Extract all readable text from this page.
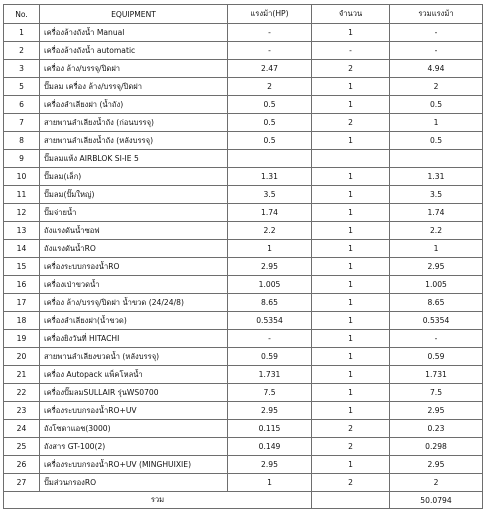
No.	EQUIPMENT	แรงม้า(HP)	จำนวน	รวมแรงม้า
1	เครื่องล้างถังน้ำ Manual	-	1	-
2	เครื่องล้างถังน้ำ automatic	-	-	-
3	เครื่อง ล้าง/บรรจุ/ปิดฝา	2.47	2	4.94
5	ปั๊มลม เครื่อง ล้าง/บรรจุ/ปิดฝา	2	1	2
6	เครื่องลำเลียงฝา (น้ำถัง)	0.5	1	0.5
7	สายพานลำเลียงน้ำถัง (ก่อนบรรจุ)	0.5	2	1
8	สายพานลำเลียงน้ำถัง (หลังบรรจุ)	0.5	1	0.5
9	ปั๊มลมแห้ง AIRBLOK SI-IE 5			
10	ปั๊มลม(เล็ก)	1.31	1	1.31
11	ปั๊มลม(ปั๊มใหญ่)	3.5	1	3.5
12	ปั๊มจ่ายน้ำ	1.74	1	1.74
13	ถังแรงดันน้ำซอฟ	2.2	1	2.2
14	ถังแรงดันน้ำRO	1	1	1
15	เครื่องระบบกรองน้ำRO	2.95	1	2.95
16	เครื่องเป่าขวดน้ำ	1.005	1	1.005
17	เครื่อง ล้าง/บรรจุ/ปิดฝา น้ำขวด (24/24/8)	8.65	1	8.65
18	เครื่องลำเลียงฝา(น้ำขวด)	0.5354	1	0.5354
19	เครื่องยิงวันที่ HITACHI	-	1	-
20	สายพานลำเลียงขวดน้ำ (หลังบรรจุ)	0.59	1	0.59
21	เครื่อง Autopack แพ็คโหลน้ำ	1.731	1	1.731
22	เครื่องปั๊มลมSULLAIR รุ่นWS0700	7.5	1	7.5
23	เครื่องระบบกรองน้ำRO+UV	2.95	1	2.95
24	ถังโซดาแอช(3000)	0.115	2	0.23
25	ถังสาร GT-100(2)	0.149	2	0.298
26	เครื่องระบบกรองน้ำRO+UV (MINGHUIXIE)	2.95	1	2.95
27	ปั๊มส่วนกรองRO	1	2	2
รวม				50.0794
